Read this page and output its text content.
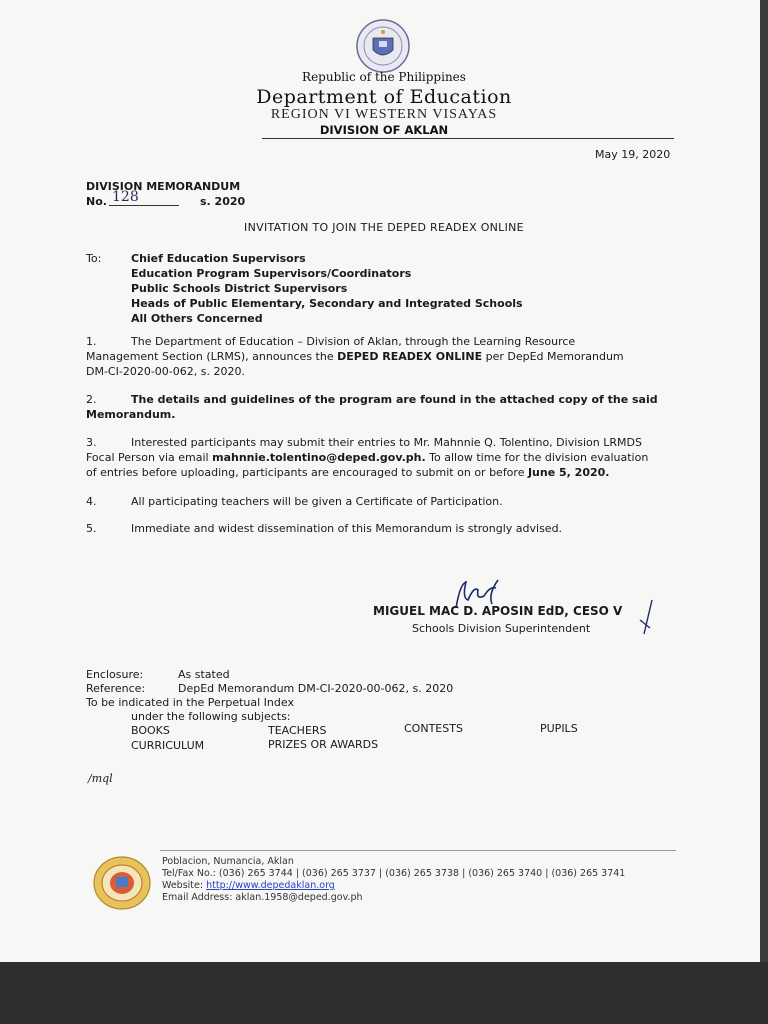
Republic of the Philippines
Department of Education
REGION VI WESTERN VISAYAS
DIVISION OF AKLAN
May 19, 2020
DIVISION MEMORANDUM
No. 128	s. 2020
INVITATION TO JOIN THE DEPED READEX ONLINE
To:	Chief Education Supervisors
Education Program Supervisors/Coordinators
Public Schools District Supervisors
Heads of Public Elementary, Secondary and Integrated Schools
All Others Concerned
1.	The Department of Education – Division of Aklan, through the Learning Resource
Management Section (LRMS), announces the DEPED READEX ONLINE per DepEd Memorandum
DM-CI-2020-00-062, s. 2020.
2.	The details and guidelines of the program are found in the attached copy of the said
Memorandum.
3.	Interested participants may submit their entries to Mr. Mahnnie Q. Tolentino, Division LRMDS
Focal Person via email mahnnie.tolentino@deped.gov.ph. To allow time for the division evaluation
of entries before uploading, participants are encouraged to submit on or before June 5, 2020.
4.	All participating teachers will be given a Certificate of Participation.
5.	Immediate and widest dissemination of this Memorandum is strongly advised.
MIGUEL MAC D. APOSIN EdD, CESO V
Schools Division Superintendent
Enclosure:	As stated
Reference:	DepEd Memorandum DM-CI-2020-00-062, s. 2020
To be indicated in the Perpetual Index
under the following subjects:
BOOKS	TEACHERS	CONTESTS	PUPILS
CURRICULUM	PRIZES OR AWARDS
/mql
Poblacion, Numancia, Aklan
Tel/Fax No.: (036) 265 3744 | (036) 265 3737 | (036) 265 3738 | (036) 265 3740 | (036) 265 3741
Website: http://www.depedaklan.org
Email Address: aklan.1958@deped.gov.ph
